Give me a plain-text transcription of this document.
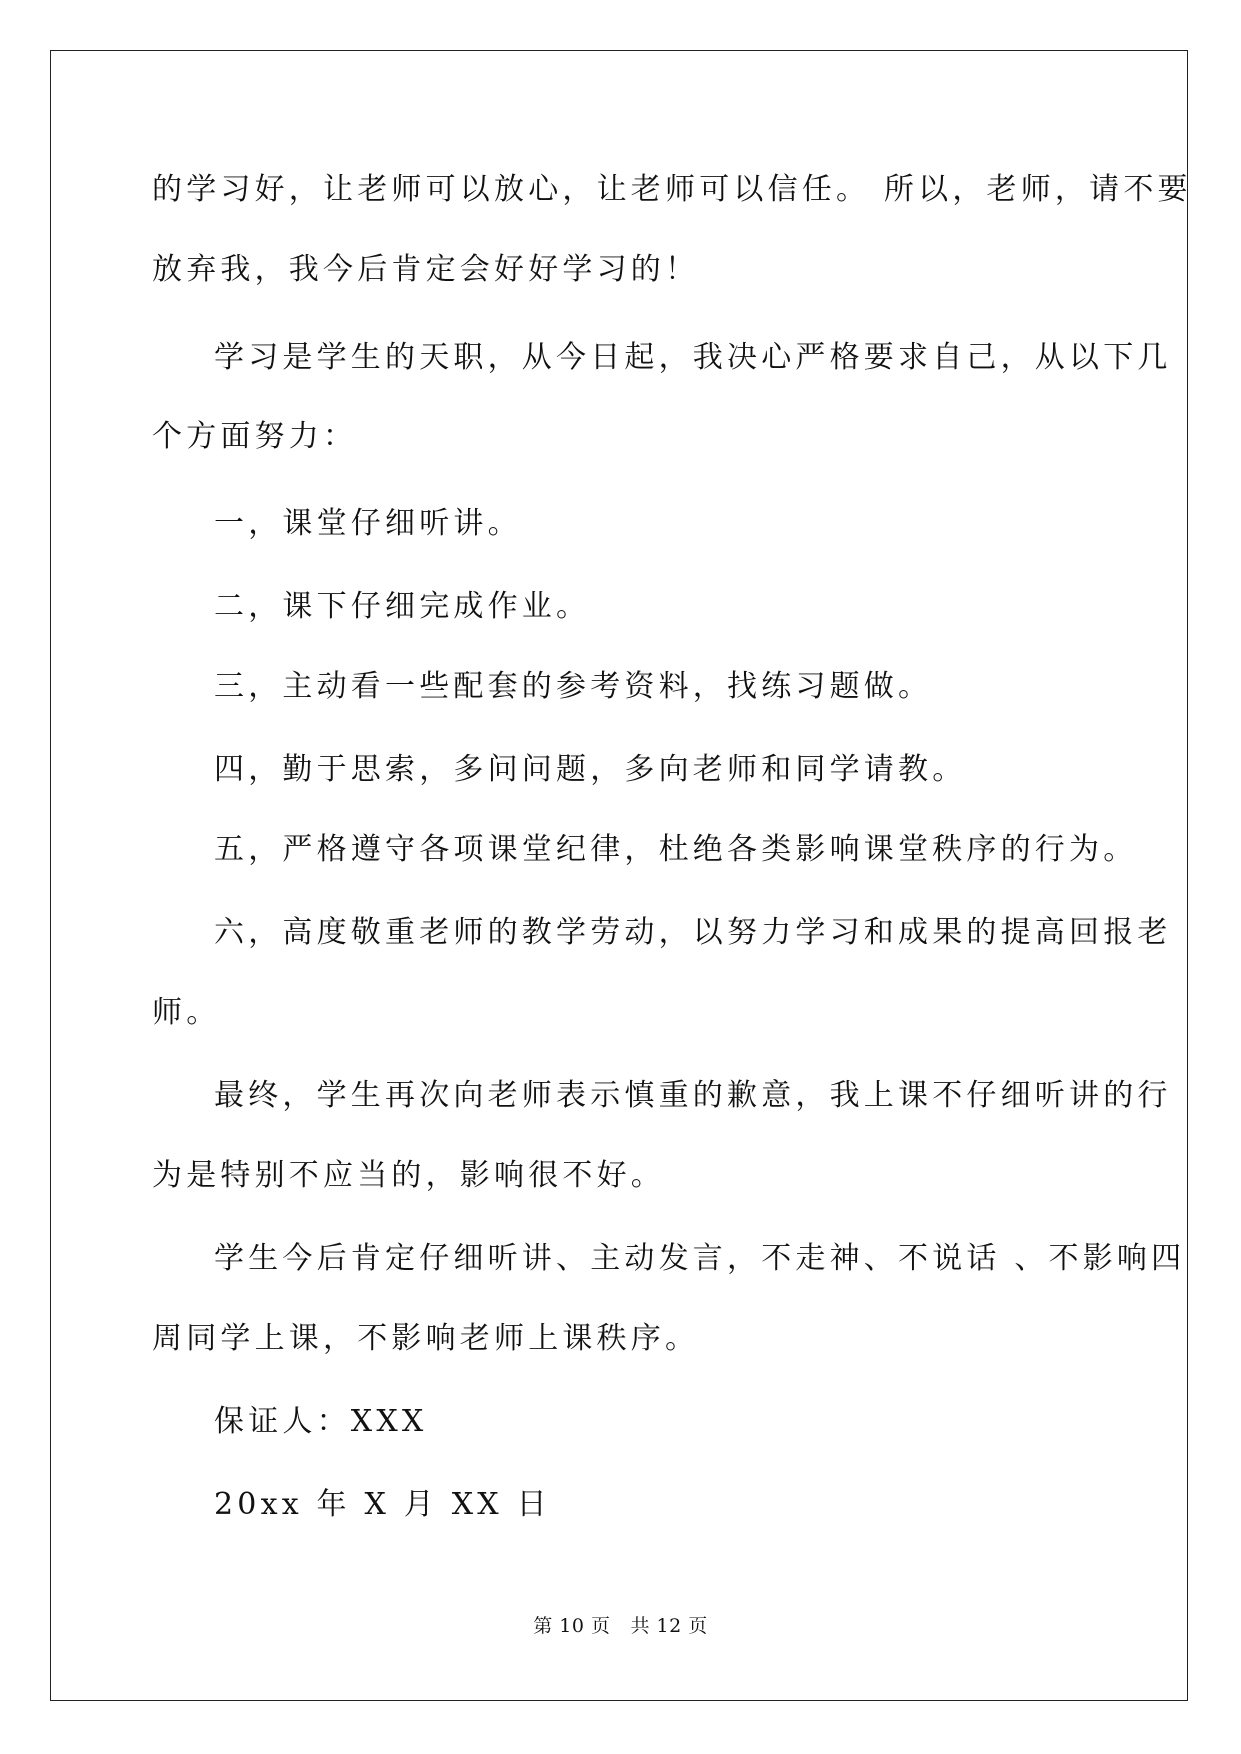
的学习好，让老师可以放心，让老师可以信任。 所以，老师，请不要
放弃我，我今后肯定会好好学习的！
学习是学生的天职，从今日起，我决心严格要求自己，从以下几
个方面努力：
一，课堂仔细听讲。
二，课下仔细完成作业。
三，主动看一些配套的参考资料，找练习题做。
四，勤于思索，多问问题，多向老师和同学请教。
五，严格遵守各项课堂纪律，杜绝各类影响课堂秩序的行为。
六，高度敬重老师的教学劳动，以努力学习和成果的提高回报老
师。
最终，学生再次向老师表示慎重的歉意，我上课不仔细听讲的行
为是特别不应当的，影响很不好。
学生今后肯定仔细听讲、主动发言，不走神、不说话 、不影响四
周同学上课，不影响老师上课秩序。
保证人：XXX
20xx 年 X 月 XX 日
第 10 页 共 12 页
